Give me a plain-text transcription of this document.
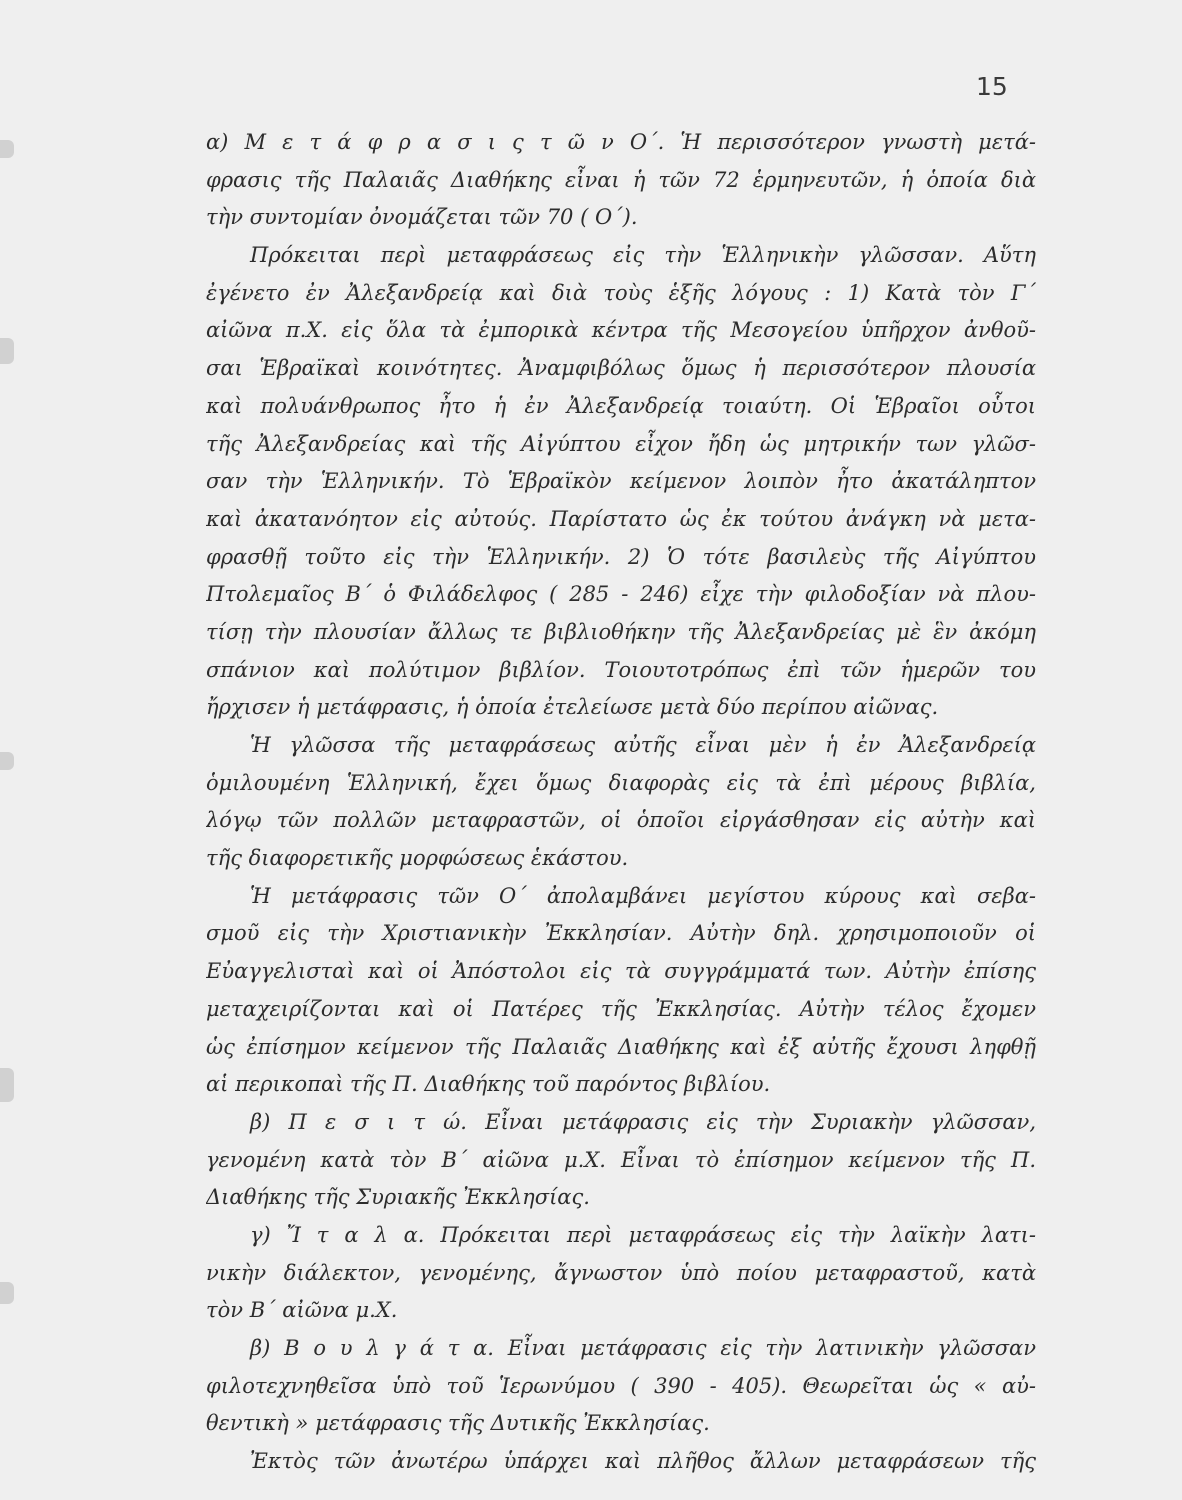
15
α) Μ ε τ ά φ ρ α σ ι ς τ ῶ ν Ο΄. Ἡ περισσότερον γνωστὴ μετά-
φρασις τῆς Παλαιᾶς Διαθήκης εἶναι ἡ τῶν 72 ἑρμηνευτῶν, ἡ ὁποία διὰ
τὴν συντομίαν ὀνομάζεται τῶν 70 ( Ο΄).
Πρόκειται περὶ μεταφράσεως εἰς τὴν Ἑλληνικὴν γλῶσσαν. Αὕτη
ἐγένετο ἐν Ἀλεξανδρείᾳ καὶ διὰ τοὺς ἑξῆς λόγους : 1) Κατὰ τὸν Γ΄
αἰῶνα π.Χ. εἰς ὅλα τὰ ἐμπορικὰ κέντρα τῆς Μεσογείου ὑπῆρχον ἀνθοῦ-
σαι Ἑβραϊκαὶ κοινότητες. Ἀναμφιβόλως ὅμως ἡ περισσότερον πλουσία
καὶ πολυάνθρωπος ἦτο ἡ ἐν Ἀλεξανδρείᾳ τοιαύτη. Οἱ Ἑβραῖοι οὗτοι
τῆς Ἀλεξανδρείας καὶ τῆς Αἰγύπτου εἶχον ἤδη ὡς μητρικήν των γλῶσ-
σαν τὴν Ἑλληνικήν. Τὸ Ἑβραϊκὸν κείμενον λοιπὸν ἦτο ἀκατάληπτον
καὶ ἀκατανόητον εἰς αὐτούς. Παρίστατο ὡς ἐκ τούτου ἀνάγκη νὰ μετα-
φρασθῇ τοῦτο εἰς τὴν Ἑλληνικήν. 2) Ὁ τότε βασιλεὺς τῆς Αἰγύπτου
Πτολεμαῖος Β΄ ὁ Φιλάδελφος ( 285 - 246) εἶχε τὴν φιλοδοξίαν νὰ πλου-
τίσῃ τὴν πλουσίαν ἄλλως τε βιβλιοθήκην τῆς Ἀλεξανδρείας μὲ ἓν ἀκόμη
σπάνιον καὶ πολύτιμον βιβλίον. Τοιουτοτρόπως ἐπὶ τῶν ἡμερῶν του
ἤρχισεν ἡ μετάφρασις, ἡ ὁποία ἐτελείωσε μετὰ δύο περίπου αἰῶνας.
Ἡ γλῶσσα τῆς μεταφράσεως αὐτῆς εἶναι μὲν ἡ ἐν Ἀλεξανδρείᾳ
ὁμιλουμένη Ἑλληνική, ἔχει ὅμως διαφορὰς εἰς τὰ ἐπὶ μέρους βιβλία,
λόγῳ τῶν πολλῶν μεταφραστῶν, οἱ ὁποῖοι εἰργάσθησαν εἰς αὐτὴν καὶ
τῆς διαφορετικῆς μορφώσεως ἑκάστου.
Ἡ μετάφρασις τῶν Ο΄ ἀπολαμβάνει μεγίστου κύρους καὶ σεβα-
σμοῦ εἰς τὴν Χριστιανικὴν Ἐκκλησίαν. Αὐτὴν δηλ. χρησιμοποιοῦν οἱ
Εὐαγγελισταὶ καὶ οἱ Ἀπόστολοι εἰς τὰ συγγράμματά των. Αὐτὴν ἐπίσης
μεταχειρίζονται καὶ οἱ Πατέρες τῆς Ἐκκλησίας. Αὐτὴν τέλος ἔχομεν
ὡς ἐπίσημον κείμενον τῆς Παλαιᾶς Διαθήκης καὶ ἐξ αὐτῆς ἔχουσι ληφθῇ
αἱ περικοπαὶ τῆς Π. Διαθήκης τοῦ παρόντος βιβλίου.
β) Π ε σ ι τ ώ. Εἶναι μετάφρασις εἰς τὴν Συριακὴν γλῶσσαν,
γενομένη κατὰ τὸν Β΄ αἰῶνα μ.Χ. Εἶναι τὸ ἐπίσημον κείμενον τῆς Π.
Διαθήκης τῆς Συριακῆς Ἐκκλησίας.
γ) Ἴ τ α λ α. Πρόκειται περὶ μεταφράσεως εἰς τὴν λαϊκὴν λατι-
νικὴν διάλεκτον, γενομένης, ἄγνωστον ὑπὸ ποίου μεταφραστοῦ, κατὰ
τὸν Β΄ αἰῶνα μ.Χ.
β) Β ο υ λ γ ά τ α. Εἶναι μετάφρασις εἰς τὴν λατινικὴν γλῶσσαν
φιλοτεχνηθεῖσα ὑπὸ τοῦ Ἱερωνύμου ( 390 - 405). Θεωρεῖται ὡς « αὐ-
θεντικὴ » μετάφρασις τῆς Δυτικῆς Ἐκκλησίας.
Ἐκτὸς τῶν ἀνωτέρω ὑπάρχει καὶ πλῆθος ἄλλων μεταφράσεων τῆς
